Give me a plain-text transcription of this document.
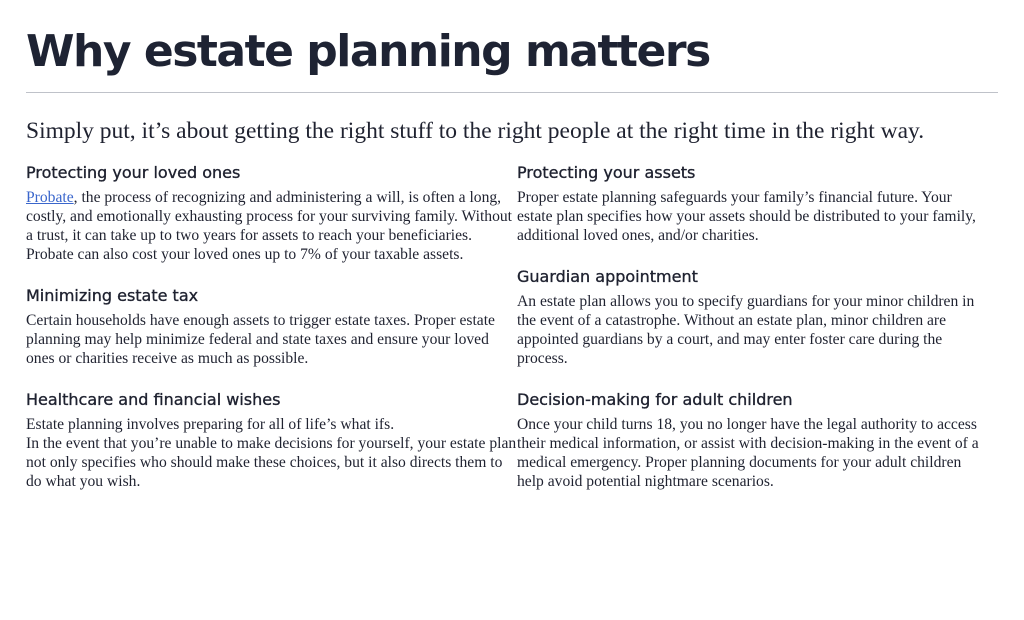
Why estate planning matters

Simply put, it’s about getting the right stuff to the right people at the right time in the right way.

Protecting your loved ones

Probate, the process of recognizing and administering a will, is often a long, costly, and emotionally exhausting process for your surviving family. Without a trust, it can take up to two years for assets to reach your beneficiaries. Probate can also cost your loved ones up to 7% of your taxable assets.

Minimizing estate tax

Certain households have enough assets to trigger estate taxes. Proper estate planning may help minimize federal and state taxes and ensure your loved ones or charities receive as much as possible.

Healthcare and financial wishes

Estate planning involves preparing for all of life’s what ifs.
In the event that you’re unable to make decisions for yourself, your estate plan not only specifies who should make these choices, but it also directs them to do what you wish.

Protecting your assets

Proper estate planning safeguards your family’s financial future. Your estate plan specifies how your assets should be distributed to your family, additional loved ones, and/or charities.

Guardian appointment

An estate plan allows you to specify guardians for your minor children in the event of a catastrophe. Without an estate plan, minor children are appointed guardians by a court, and may enter foster care during the process.

Decision-making for adult children

Once your child turns 18, you no longer have the legal authority to access their medical information, or assist with decision-making in the event of a medical emergency. Proper planning documents for your adult children help avoid potential nightmare scenarios.
